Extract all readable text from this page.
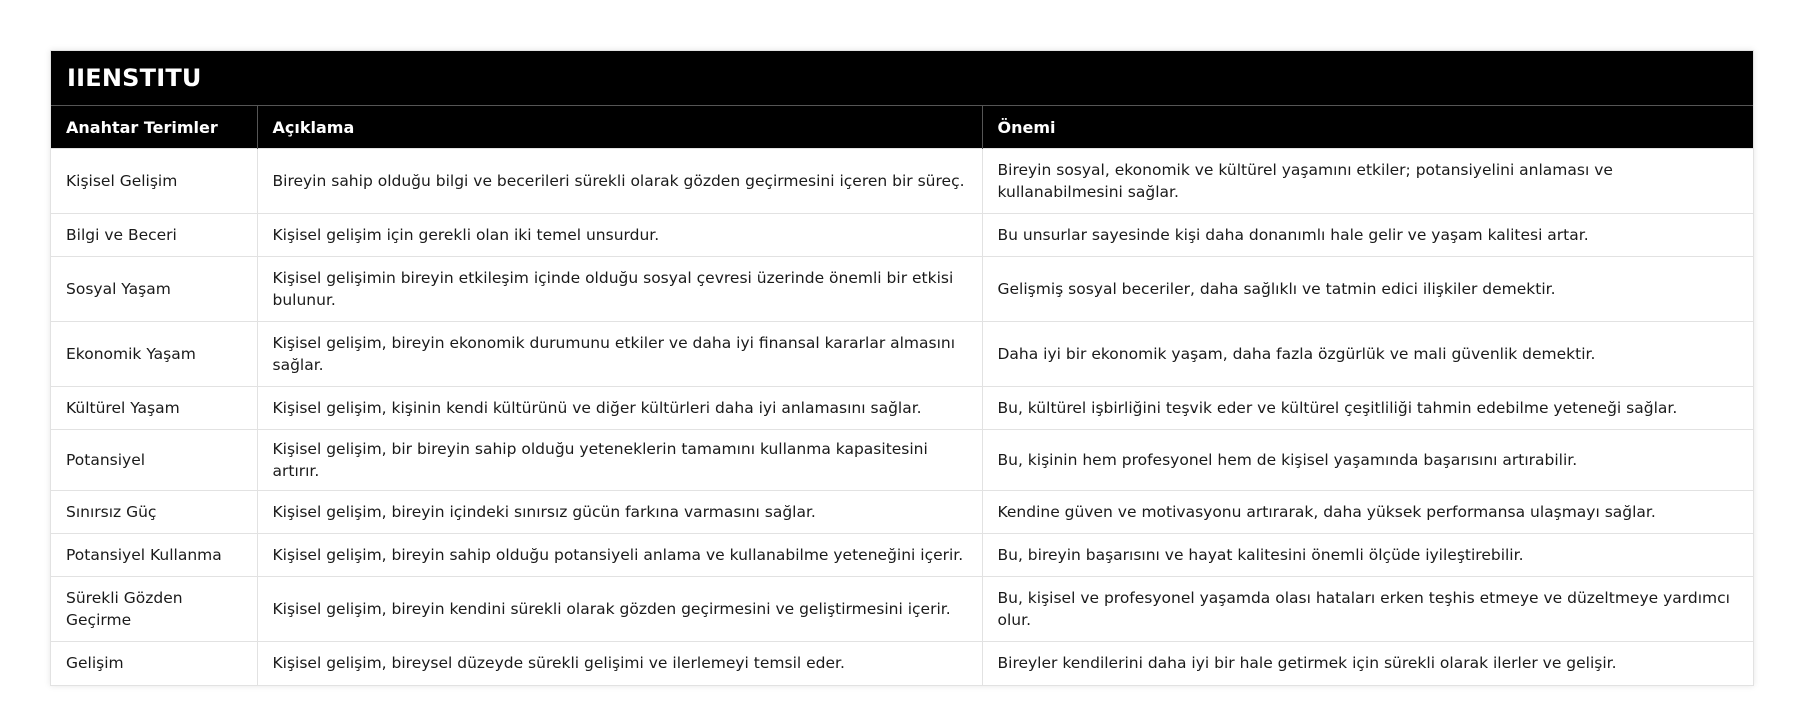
IIENSTITU
Anahtar Terimler	Açıklama	Önemi
Kişisel Gelişim	Bireyin sahip olduğu bilgi ve becerileri sürekli olarak gözden geçirmesini içeren bir süreç.	Bireyin sosyal, ekonomik ve kültürel yaşamını etkiler; potansiyelini anlaması ve kullanabilmesini sağlar.
Bilgi ve Beceri	Kişisel gelişim için gerekli olan iki temel unsurdur.	Bu unsurlar sayesinde kişi daha donanımlı hale gelir ve yaşam kalitesi artar.
Sosyal Yaşam	Kişisel gelişimin bireyin etkileşim içinde olduğu sosyal çevresi üzerinde önemli bir etkisi bulunur.	Gelişmiş sosyal beceriler, daha sağlıklı ve tatmin edici ilişkiler demektir.
Ekonomik Yaşam	Kişisel gelişim, bireyin ekonomik durumunu etkiler ve daha iyi finansal kararlar almasını sağlar.	Daha iyi bir ekonomik yaşam, daha fazla özgürlük ve mali güvenlik demektir.
Kültürel Yaşam	Kişisel gelişim, kişinin kendi kültürünü ve diğer kültürleri daha iyi anlamasını sağlar.	Bu, kültürel işbirliğini teşvik eder ve kültürel çeşitliliği tahmin edebilme yeteneği sağlar.
Potansiyel	Kişisel gelişim, bir bireyin sahip olduğu yeteneklerin tamamını kullanma kapasitesini artırır.	Bu, kişinin hem profesyonel hem de kişisel yaşamında başarısını artırabilir.
Sınırsız Güç	Kişisel gelişim, bireyin içindeki sınırsız gücün farkına varmasını sağlar.	Kendine güven ve motivasyonu artırarak, daha yüksek performansa ulaşmayı sağlar.
Potansiyel Kullanma	Kişisel gelişim, bireyin sahip olduğu potansiyeli anlama ve kullanabilme yeteneğini içerir.	Bu, bireyin başarısını ve hayat kalitesini önemli ölçüde iyileştirebilir.
Sürekli Gözden Geçirme	Kişisel gelişim, bireyin kendini sürekli olarak gözden geçirmesini ve geliştirmesini içerir.	Bu, kişisel ve profesyonel yaşamda olası hataları erken teşhis etmeye ve düzeltmeye yardımcı olur.
Gelişim	Kişisel gelişim, bireysel düzeyde sürekli gelişimi ve ilerlemeyi temsil eder.	Bireyler kendilerini daha iyi bir hale getirmek için sürekli olarak ilerler ve gelişir.
